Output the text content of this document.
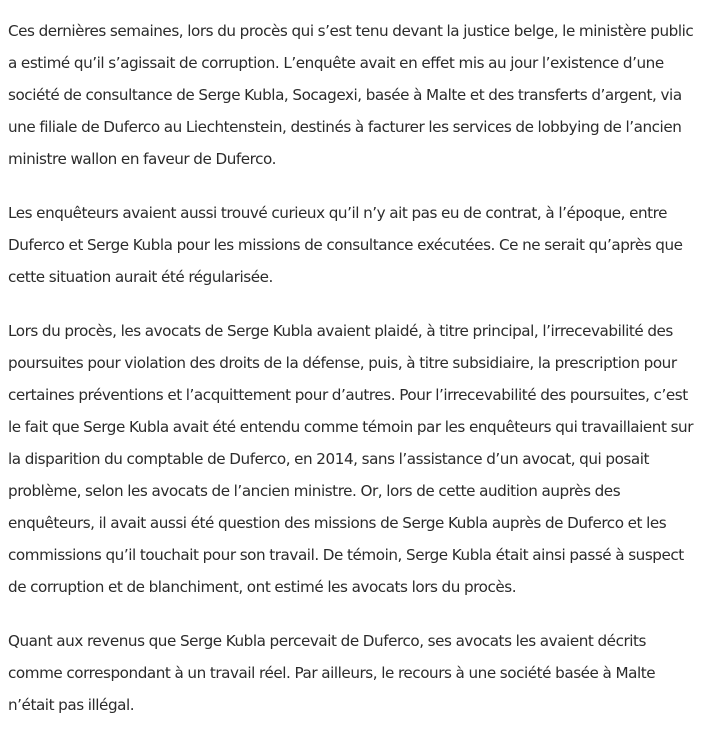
Ces dernières semaines, lors du procès qui s’est tenu devant la justice belge, le ministère public a estimé qu’il s’agissait de corruption. L’enquête avait en effet mis au jour l’existence d’une société de consultance de Serge Kubla, Socagexi, basée à Malte et des transferts d’argent, via une filiale de Duferco au Liechtenstein, destinés à facturer les services de lobbying de l’ancien ministre wallon en faveur de Duferco.

Les enquêteurs avaient aussi trouvé curieux qu’il n’y ait pas eu de contrat, à l’époque, entre Duferco et Serge Kubla pour les missions de consultance exécutées. Ce ne serait qu’après que cette situation aurait été régularisée.

Lors du procès, les avocats de Serge Kubla avaient plaidé, à titre principal, l’irrecevabilité des poursuites pour violation des droits de la défense, puis, à titre subsidiaire, la prescription pour certaines préventions et l’acquittement pour d’autres. Pour l’irrecevabilité des poursuites, c’est le fait que Serge Kubla avait été entendu comme témoin par les enquêteurs qui travaillaient sur la disparition du comptable de Duferco, en 2014, sans l’assistance d’un avocat, qui posait problème, selon les avocats de l’ancien ministre. Or, lors de cette audition auprès des enquêteurs, il avait aussi été question des missions de Serge Kubla auprès de Duferco et les commissions qu’il touchait pour son travail. De témoin, Serge Kubla était ainsi passé à suspect de corruption et de blanchiment, ont estimé les avocats lors du procès.

Quant aux revenus que Serge Kubla percevait de Duferco, ses avocats les avaient décrits comme correspondant à un travail réel. Par ailleurs, le recours à une société basée à Malte n’était pas illégal.
